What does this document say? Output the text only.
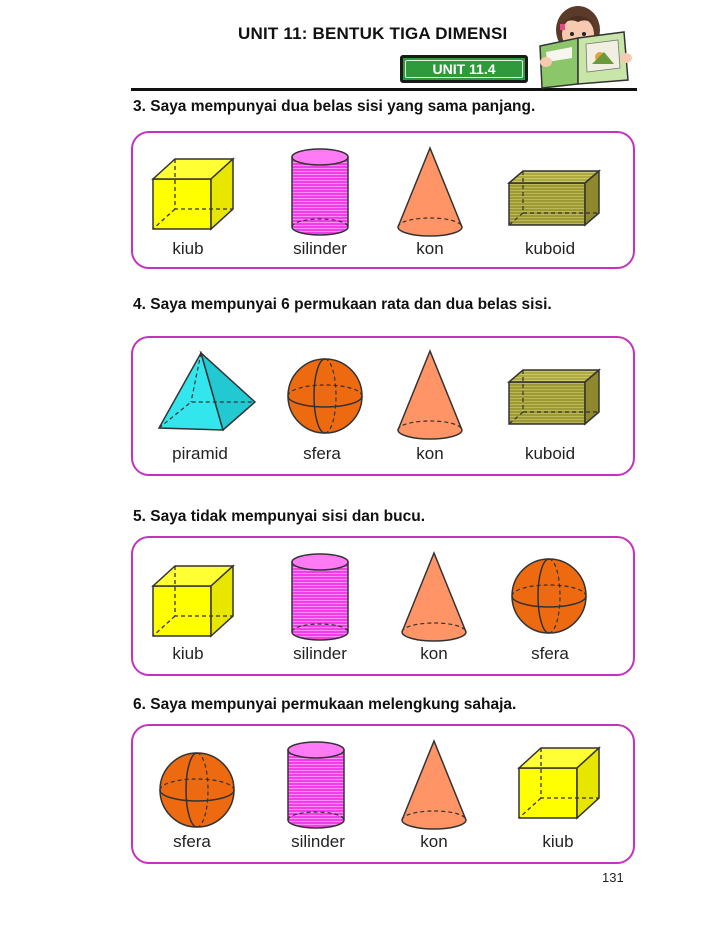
UNIT 11: BENTUK TIGA DIMENSI
UNIT 11.4
3. Saya mempunyai dua belas sisi yang sama panjang.
kiub	silinder	kon	kuboid
4. Saya mempunyai 6 permukaan rata dan dua belas sisi.
piramid	sfera	kon	kuboid
5. Saya tidak mempunyai sisi dan bucu.
kiub	silinder	kon	sfera
6. Saya mempunyai permukaan melengkung sahaja.
sfera	silinder	kon	kiub
131
